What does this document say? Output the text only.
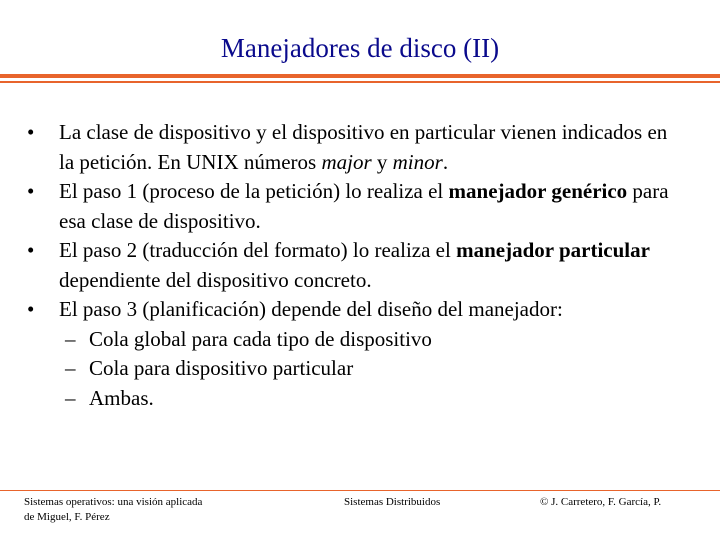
Manejadores de disco (II)
• La clase de dispositivo y el dispositivo en particular vienen indicados en la petición. En UNIX números major y minor.
• El paso 1 (proceso de la petición) lo realiza el manejador genérico para esa clase de dispositivo.
• El paso 2 (traducción del formato) lo realiza el manejador particular dependiente del dispositivo concreto.
• El paso 3 (planificación) depende del diseño del manejador:
– Cola global para cada tipo de dispositivo
– Cola para dispositivo particular
– Ambas.
Sistemas operativos: una visión aplicada
de Miguel, F. Pérez
Sistemas Distribuidos	© J. Carretero, F. García, P.
